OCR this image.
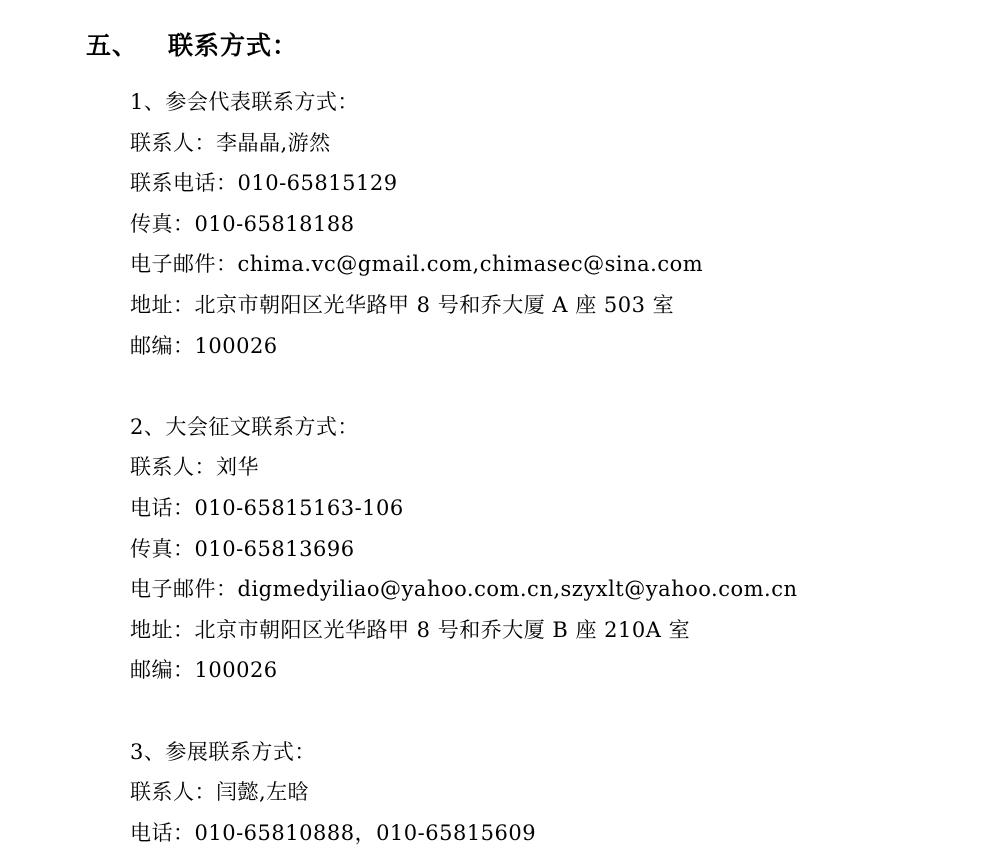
五、 联系方式：
1、参会代表联系方式：
联系人：李晶晶,游然
联系电话：010-65815129
传真：010-65818188
电子邮件：chima.vc@gmail.com,chimasec@sina.com
地址：北京市朝阳区光华路甲 8 号和乔大厦 A 座 503 室
邮编：100026
2、大会征文联系方式：
联系人：刘华
电话：010-65815163-106
传真：010-65813696
电子邮件：digmedyiliao@yahoo.com.cn,szyxlt@yahoo.com.cn
地址：北京市朝阳区光华路甲 8 号和乔大厦 B 座 210A 室
邮编：100026
3、参展联系方式：
联系人：闫懿,左晗
电话：010-65810888，010-65815609
